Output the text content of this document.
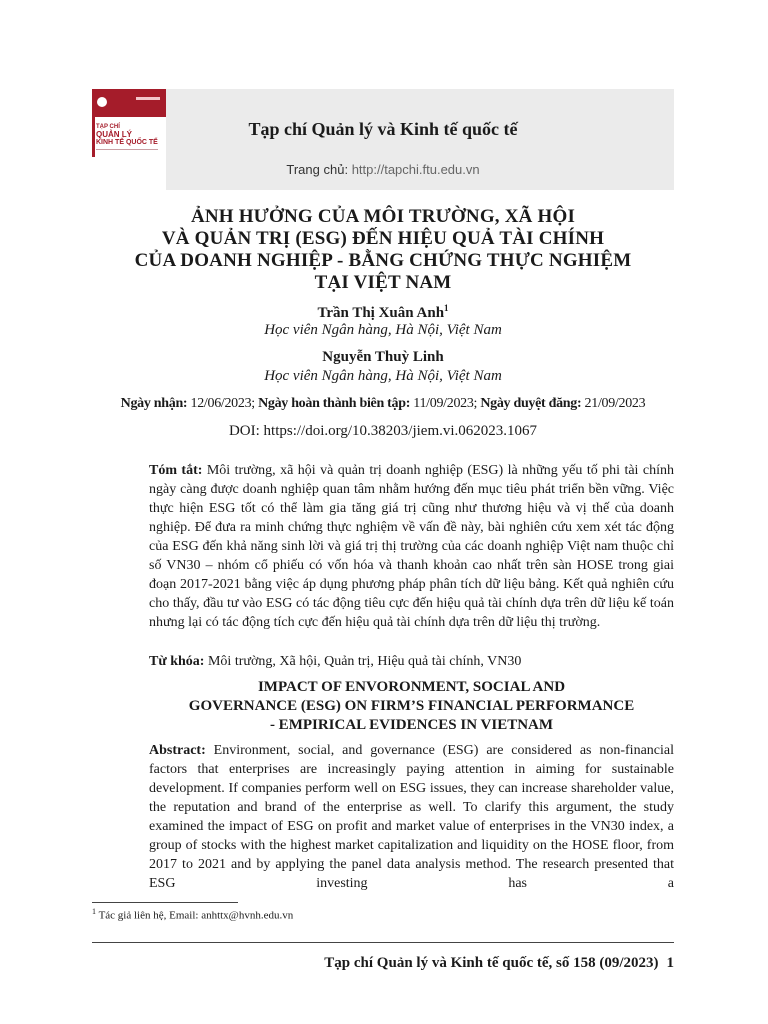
TẠP CHÍ
QUẢN LÝ
KINH TẾ QUỐC TẾ
Tạp chí Quản lý và Kinh tế quốc tế
Trang chủ: http://tapchi.ftu.edu.vn
ẢNH HƯỞNG CỦA MÔI TRƯỜNG, XÃ HỘI
VÀ QUẢN TRỊ (ESG) ĐẾN HIỆU QUẢ TÀI CHÍNH
CỦA DOANH NGHIỆP - BẰNG CHỨNG THỰC NGHIỆM
TẠI VIỆT NAM
Trần Thị Xuân Anh$^1$
Học viên Ngân hàng, Hà Nội, Việt Nam
Nguyễn Thuỳ Linh
Học viên Ngân hàng, Hà Nội, Việt Nam
Ngày nhận: 12/06/2023; Ngày hoàn thành biên tập: 11/09/2023; Ngày duyệt đăng: 21/09/2023
DOI: https://doi.org/10.38203/jiem.vi.062023.1067
Tóm tắt: Môi trường, xã hội và quản trị doanh nghiệp (ESG) là những yếu tố phi tài chính ngày càng được doanh nghiệp quan tâm nhằm hướng đến mục tiêu phát triển bền vững. Việc thực hiện ESG tốt có thể làm gia tăng giá trị cũng như thương hiệu và vị thế của doanh nghiệp. Để đưa ra minh chứng thực nghiệm về vấn đề này, bài nghiên cứu xem xét tác động của ESG đến khả năng sinh lời và giá trị thị trường của các doanh nghiệp Việt nam thuộc chỉ số VN30 – nhóm cổ phiếu có vốn hóa và thanh khoản cao nhất trên sàn HOSE trong giai đoạn 2017-2021 bằng việc áp dụng phương pháp phân tích dữ liệu bảng. Kết quả nghiên cứu cho thấy, đầu tư vào ESG có tác động tiêu cực đến hiệu quả tài chính dựa trên dữ liệu kế toán nhưng lại có tác động tích cực đến hiệu quả tài chính dựa trên dữ liệu thị trường.
Từ khóa: Môi trường, Xã hội, Quản trị, Hiệu quả tài chính, VN30
IMPACT OF ENVORONMENT, SOCIAL AND
GOVERNANCE (ESG) ON FIRM’S FINANCIAL PERFORMANCE
- EMPIRICAL EVIDENCES IN VIETNAM
Abstract: Environment, social, and governance (ESG) are considered as non-financial factors that enterprises are increasingly paying attention in aiming for sustainable development. If companies perform well on ESG issues, they can increase shareholder value, the reputation and brand of the enterprise as well. To clarify this argument, the study examined the impact of ESG on profit and market value of enterprises in the VN30 index, a group of stocks with the highest market capitalization and liquidity on the HOSE floor, from 2017 to 2021 and by applying the panel data analysis method. The research presented that ESG investing has a
$^1$ Tác giả liên hệ, Email: anhttx@hvnh.edu.vn
Tạp chí Quản lý và Kinh tế quốc tế, số 158 (09/2023) 1
